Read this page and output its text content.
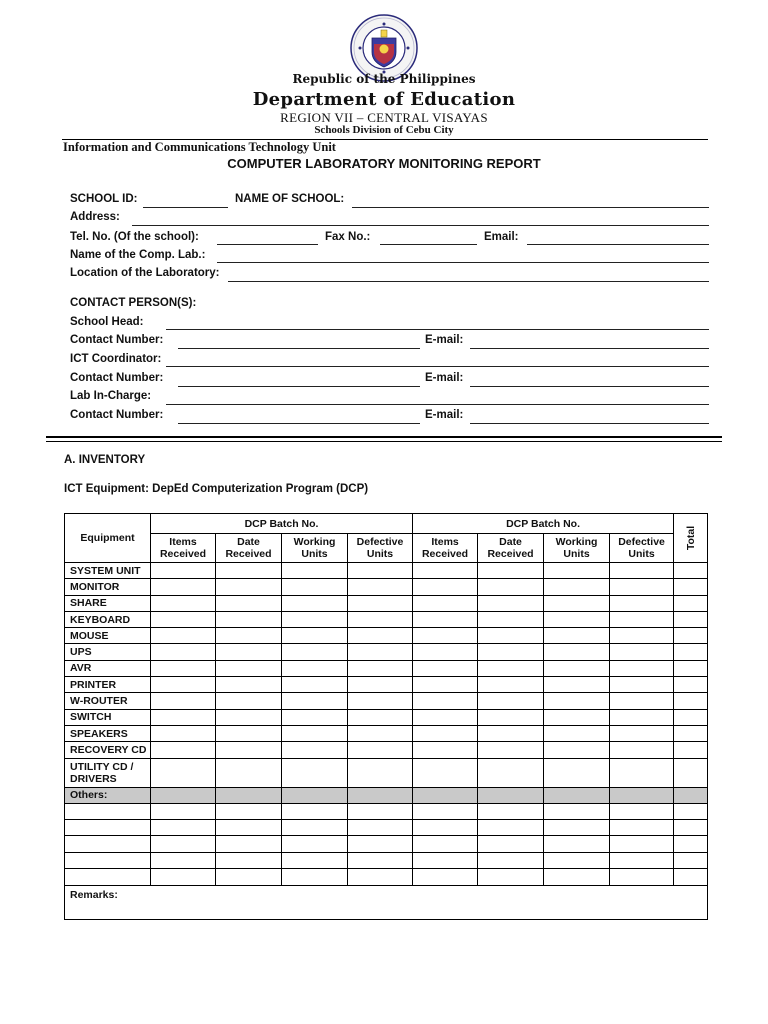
Republic of the Philippines
Department of Education
REGION VII – CENTRAL VISAYAS
Schools Division of Cebu City
Information and Communications Technology Unit
COMPUTER LABORATORY MONITORING REPORT
SCHOOL ID:	NAME OF SCHOOL:
Address:
Tel. No. (Of the school):	Fax No.:	Email:
Name of the Comp. Lab.:
Location of the Laboratory:
CONTACT PERSON(S):
School Head:
Contact Number:	E-mail:
ICT Coordinator:
Contact Number:	E-mail:
Lab In-Charge:
Contact Number:	E-mail:
A. INVENTORY
ICT Equipment: DepEd Computerization Program (DCP)
Equipment	DCP Batch No.				DCP Batch No.				Total

	Items Received	Date Received	Working Units	Defective Units	Items Received	Date Received	Working Units	Defective Units	
SYSTEM UNIT									
MONITOR									
SHARE									
KEYBOARD									
MOUSE									
UPS									
AVR									
PRINTER									
W-ROUTER									
SWITCH									
SPEAKERS									
RECOVERY CD									
UTILITY CD / DRIVERS									
Others:									

Remarks:									
